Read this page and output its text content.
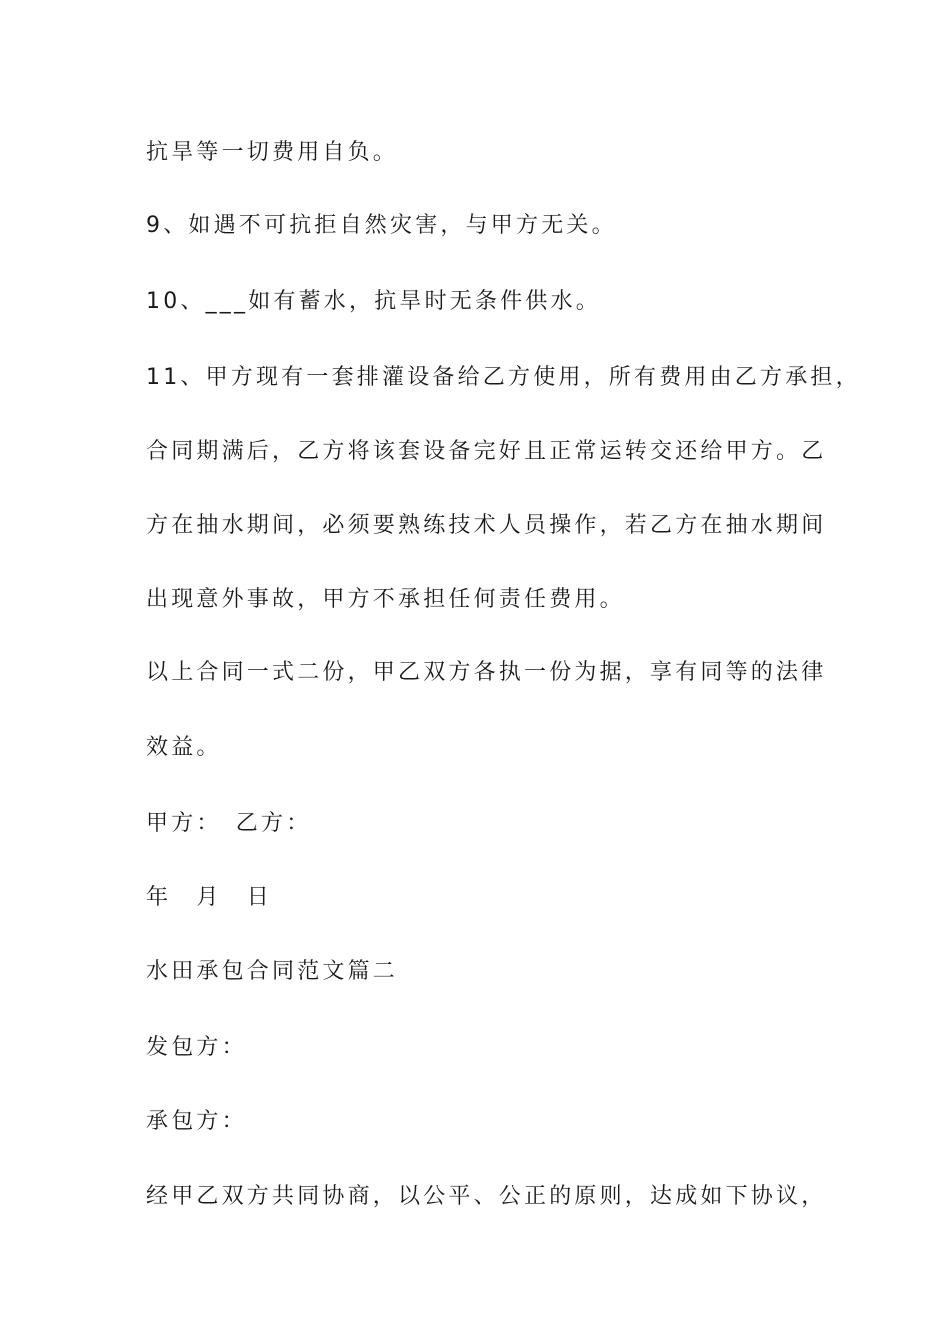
抗旱等一切费用自负。
9、如遇不可抗拒自然灾害，与甲方无关。
10、___如有蓄水，抗旱时无条件供水。
11、甲方现有一套排灌设备给乙方使用，所有费用由乙方承担，
合同期满后，乙方将该套设备完好且正常运转交还给甲方。乙
方在抽水期间，必须要熟练技术人员操作，若乙方在抽水期间
出现意外事故，甲方不承担任何责任费用。
以上合同一式二份，甲乙双方各执一份为据，享有同等的法律
效益。
甲方：　乙方：
年　月　日
水田承包合同范文篇二
发包方：
承包方：
经甲乙双方共同协商，以公平、公正的原则，达成如下协议，
